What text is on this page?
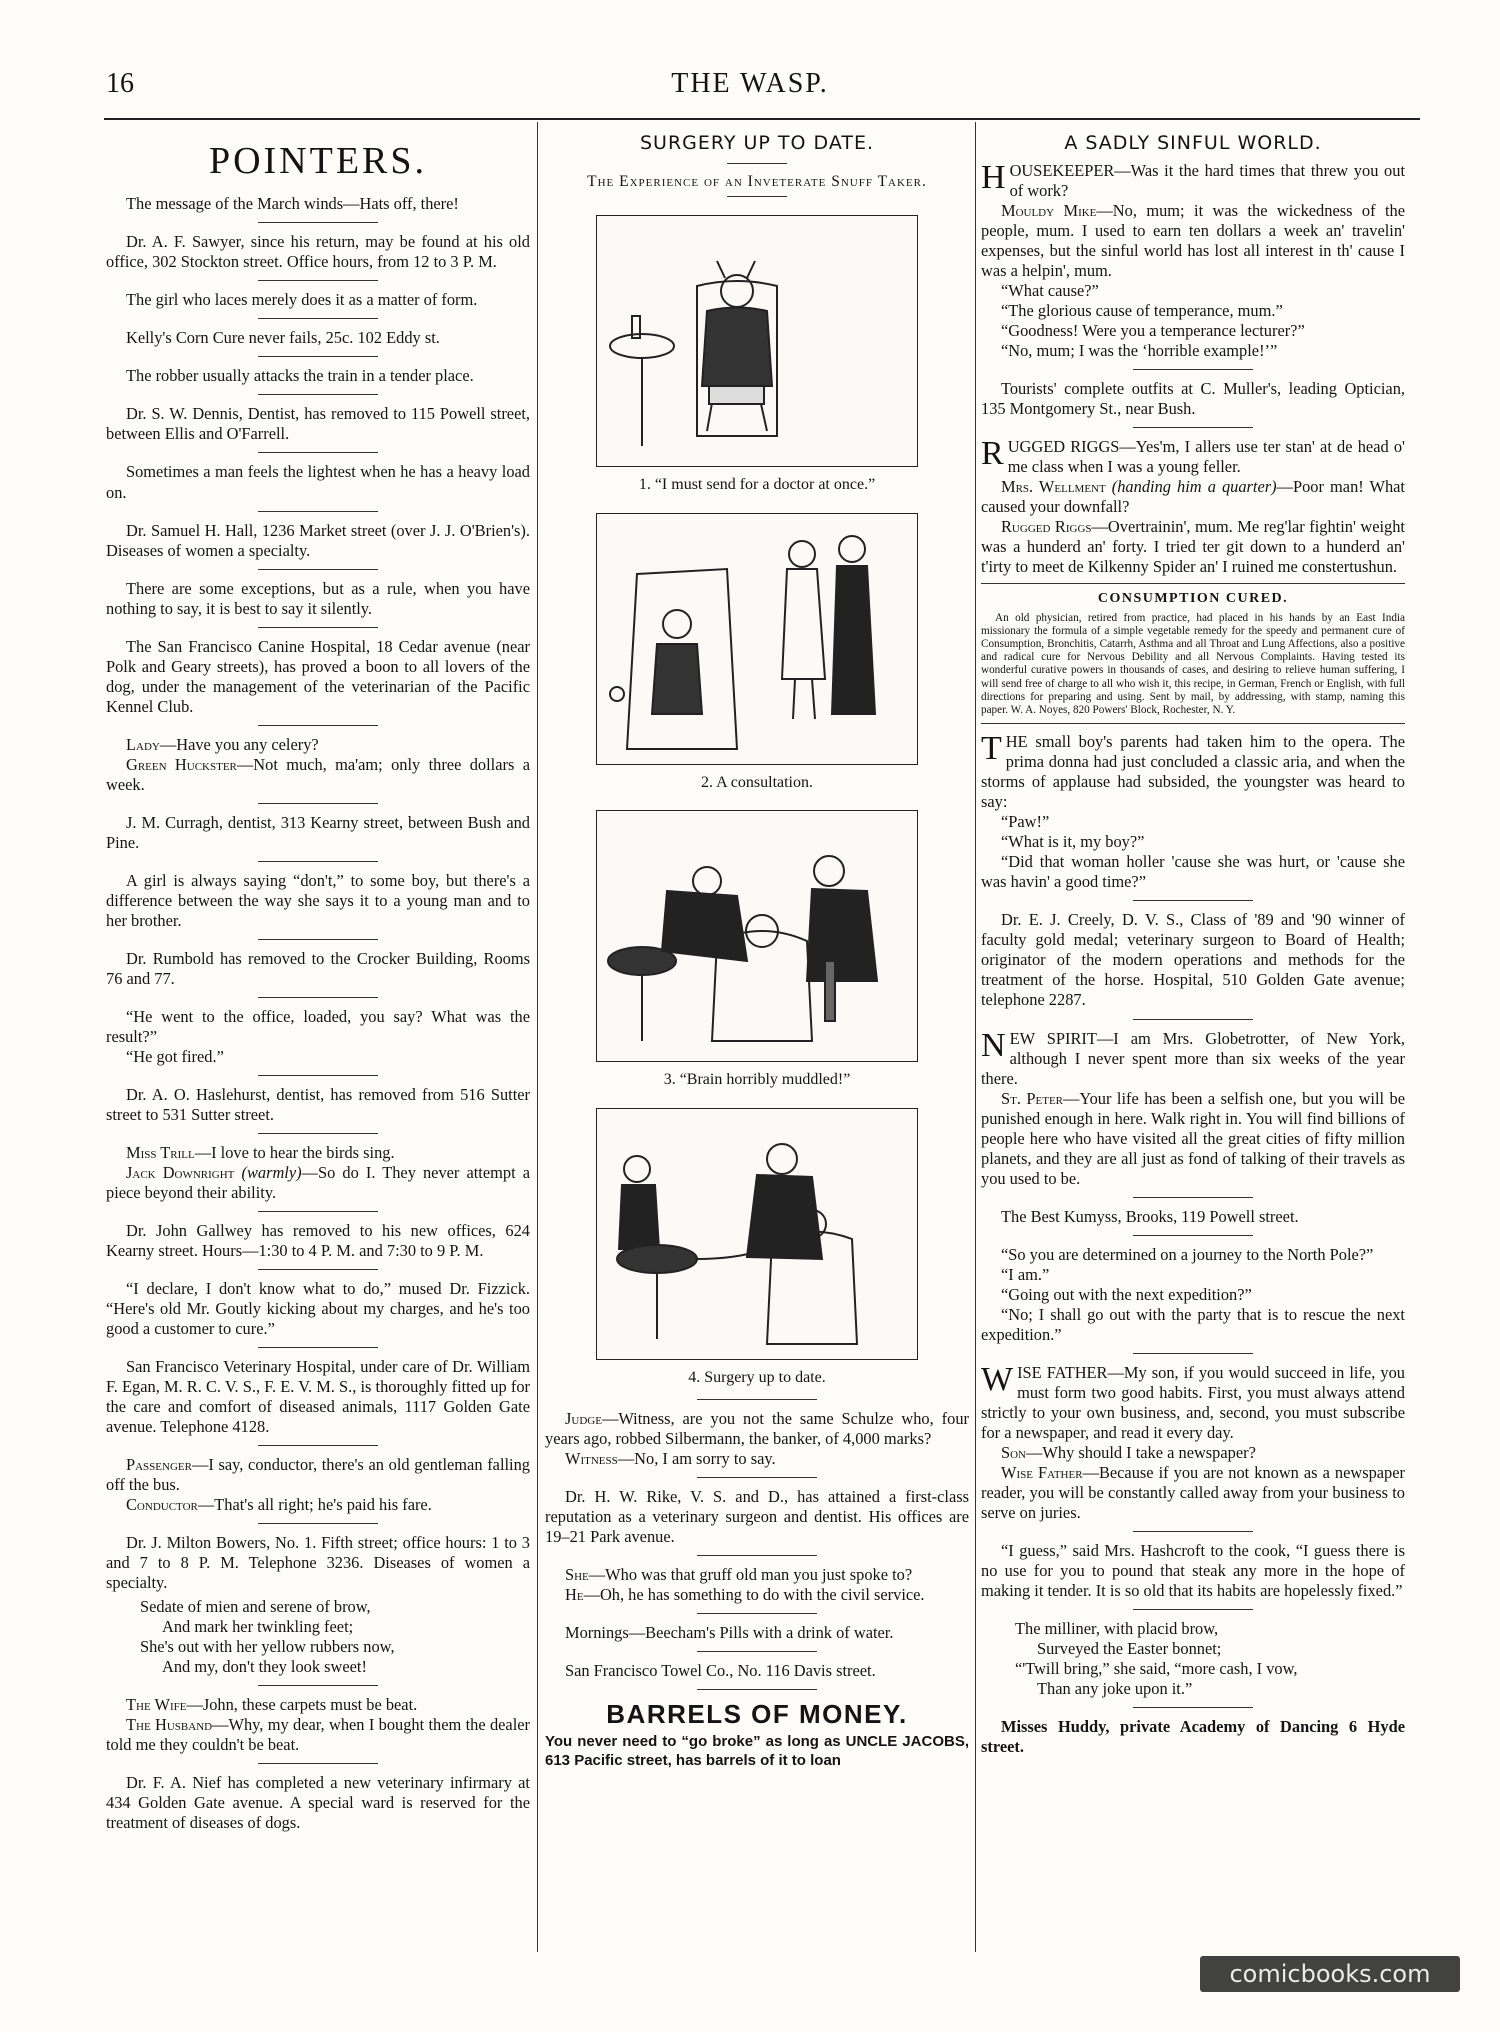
16	THE WASP.
POINTERS.

The message of the March winds—Hats off, there!

Dr. A. F. Sawyer, since his return, may be found at his old office, 302 Stockton street. Office hours, from 12 to 3 P. M.

The girl who laces merely does it as a matter of form.

Kelly's Corn Cure never fails, 25c. 102 Eddy st.

The robber usually attacks the train in a tender place.

Dr. S. W. Dennis, Dentist, has removed to 115 Powell street, between Ellis and O'Farrell.

Sometimes a man feels the lightest when he has a heavy load on.

Dr. Samuel H. Hall, 1236 Market street (over J. J. O'Brien's). Diseases of women a specialty.

There are some exceptions, but as a rule, when you have nothing to say, it is best to say it silently.

The San Francisco Canine Hospital, 18 Cedar avenue (near Polk and Geary streets), has proved a boon to all lovers of the dog, under the management of the veterinarian of the Pacific Kennel Club.

Lady—Have you any celery?

Green Huckster—Not much, ma'am; only three dollars a week.

J. M. Curragh, dentist, 313 Kearny street, between Bush and Pine.

A girl is always saying “don't,” to some boy, but there's a difference between the way she says it to a young man and to her brother.

Dr. Rumbold has removed to the Crocker Building, Rooms 76 and 77.

“He went to the office, loaded, you say? What was the result?”

“He got fired.”

Dr. A. O. Haslehurst, dentist, has removed from 516 Sutter street to 531 Sutter street.

Miss Trill—I love to hear the birds sing.

Jack Downright (warmly)—So do I. They never attempt a piece beyond their ability.

Dr. John Gallwey has removed to his new offices, 624 Kearny street. Hours—1:30 to 4 P. M. and 7:30 to 9 P. M.

“I declare, I don't know what to do,” mused Dr. Fizzick. “Here's old Mr. Goutly kicking about my charges, and he's too good a customer to cure.”

San Francisco Veterinary Hospital, under care of Dr. William F. Egan, M. R. C. V. S., F. E. V. M. S., is thoroughly fitted up for the care and comfort of diseased animals, 1117 Golden Gate avenue. Telephone 4128.

Passenger—I say, conductor, there's an old gentleman falling off the bus.

Conductor—That's all right; he's paid his fare.

Dr. J. Milton Bowers, No. 1. Fifth street; office hours: 1 to 3 and 7 to 8 P. M. Telephone 3236. Diseases of women a specialty.

Sedate of mien and serene of brow,
And mark her twinkling feet;
She's out with her yellow rubbers now,
And my, don't they look sweet!

The Wife—John, these carpets must be beat.

The Husband—Why, my dear, when I bought them the dealer told me they couldn't be beat.

Dr. F. A. Nief has completed a new veterinary infirmary at 434 Golden Gate avenue. A special ward is reserved for the treatment of diseases of dogs.

SURGERY UP TO DATE.
The Experience of an Inveterate Snuff Taker.
1. “I must send for a doctor at once.”
2. A consultation.
3. “Brain horribly muddled!”
4. Surgery up to date.

Judge—Witness, are you not the same Schulze who, four years ago, robbed Silbermann, the banker, of 4,000 marks?

Witness—No, I am sorry to say.

Dr. H. W. Rike, V. S. and D., has attained a first-class reputation as a veterinary surgeon and dentist. His offices are 19–21 Park avenue.

She—Who was that gruff old man you just spoke to?

He—Oh, he has something to do with the civil service.

Mornings—Beecham's Pills with a drink of water.

San Francisco Towel Co., No. 116 Davis street.

BARRELS OF MONEY.

You never need to “go broke” as long as UNCLE JACOBS, 613 Pacific street, has barrels of it to loan

A SADLY SINFUL WORLD.

HOUSEKEEPER—Was it the hard times that threw you out of work?

Mouldy Mike—No, mum; it was the wickedness of the people, mum. I used to earn ten dollars a week an' travelin' expenses, but the sinful world has lost all interest in th' cause I was a helpin', mum.

“What cause?”

“The glorious cause of temperance, mum.”

“Goodness! Were you a temperance lecturer?”

“No, mum; I was the ‘horrible example!’”

Tourists' complete outfits at C. Muller's, leading Optician, 135 Montgomery St., near Bush.

RUGGED RIGGS—Yes'm, I allers use ter stan' at de head o' me class when I was a young feller.

Mrs. Wellment (handing him a quarter)—Poor man! What caused your downfall?

Rugged Riggs—Overtrainin', mum. Me reg'lar fightin' weight was a hunderd an' forty. I tried ter git down to a hunderd an' t'irty to meet de Kilkenny Spider an' I ruined me constertushun.

CONSUMPTION CURED.

An old physician, retired from practice, had placed in his hands by an East India missionary the formula of a simple vegetable remedy for the speedy and permanent cure of Consumption, Bronchitis, Catarrh, Asthma and all Throat and Lung Affections, also a positive and radical cure for Nervous Debility and all Nervous Complaints. Having tested its wonderful curative powers in thousands of cases, and desiring to relieve human suffering, I will send free of charge to all who wish it, this recipe, in German, French or English, with full directions for preparing and using. Sent by mail, by addressing, with stamp, naming this paper. W. A. Noyes, 820 Powers' Block, Rochester, N. Y.

THE small boy's parents had taken him to the opera. The prima donna had just concluded a classic aria, and when the storms of applause had subsided, the youngster was heard to say:

“Paw!”

“What is it, my boy?”

“Did that woman holler 'cause she was hurt, or 'cause she was havin' a good time?”

Dr. E. J. Creely, D. V. S., Class of '89 and '90 winner of faculty gold medal; veterinary surgeon to Board of Health; originator of the modern operations and methods for the treatment of the horse. Hospital, 510 Golden Gate avenue; telephone 2287.

NEW SPIRIT—I am Mrs. Globetrotter, of New York, although I never spent more than six weeks of the year there.

St. Peter—Your life has been a selfish one, but you will be punished enough in here. Walk right in. You will find billions of people here who have visited all the great cities of fifty million planets, and they are all just as fond of talking of their travels as you used to be.

The Best Kumyss, Brooks, 119 Powell street.

“So you are determined on a journey to the North Pole?”

“I am.”

“Going out with the next expedition?”

“No; I shall go out with the party that is to rescue the next expedition.”

WISE FATHER—My son, if you would succeed in life, you must form two good habits. First, you must always attend strictly to your own business, and, second, you must subscribe for a newspaper, and read it every day.

Son—Why should I take a newspaper?

Wise Father—Because if you are not known as a newspaper reader, you will be constantly called away from your business to serve on juries.

“I guess,” said Mrs. Hashcroft to the cook, “I guess there is no use for you to pound that steak any more in the hope of making it tender. It is so old that its habits are hopelessly fixed.”

The milliner, with placid brow,
Surveyed the Easter bonnet;
“'Twill bring,” she said, “more cash, I vow,
Than any joke upon it.”

Misses Huddy, private Academy of Dancing 6 Hyde street.

comicbooks.com
